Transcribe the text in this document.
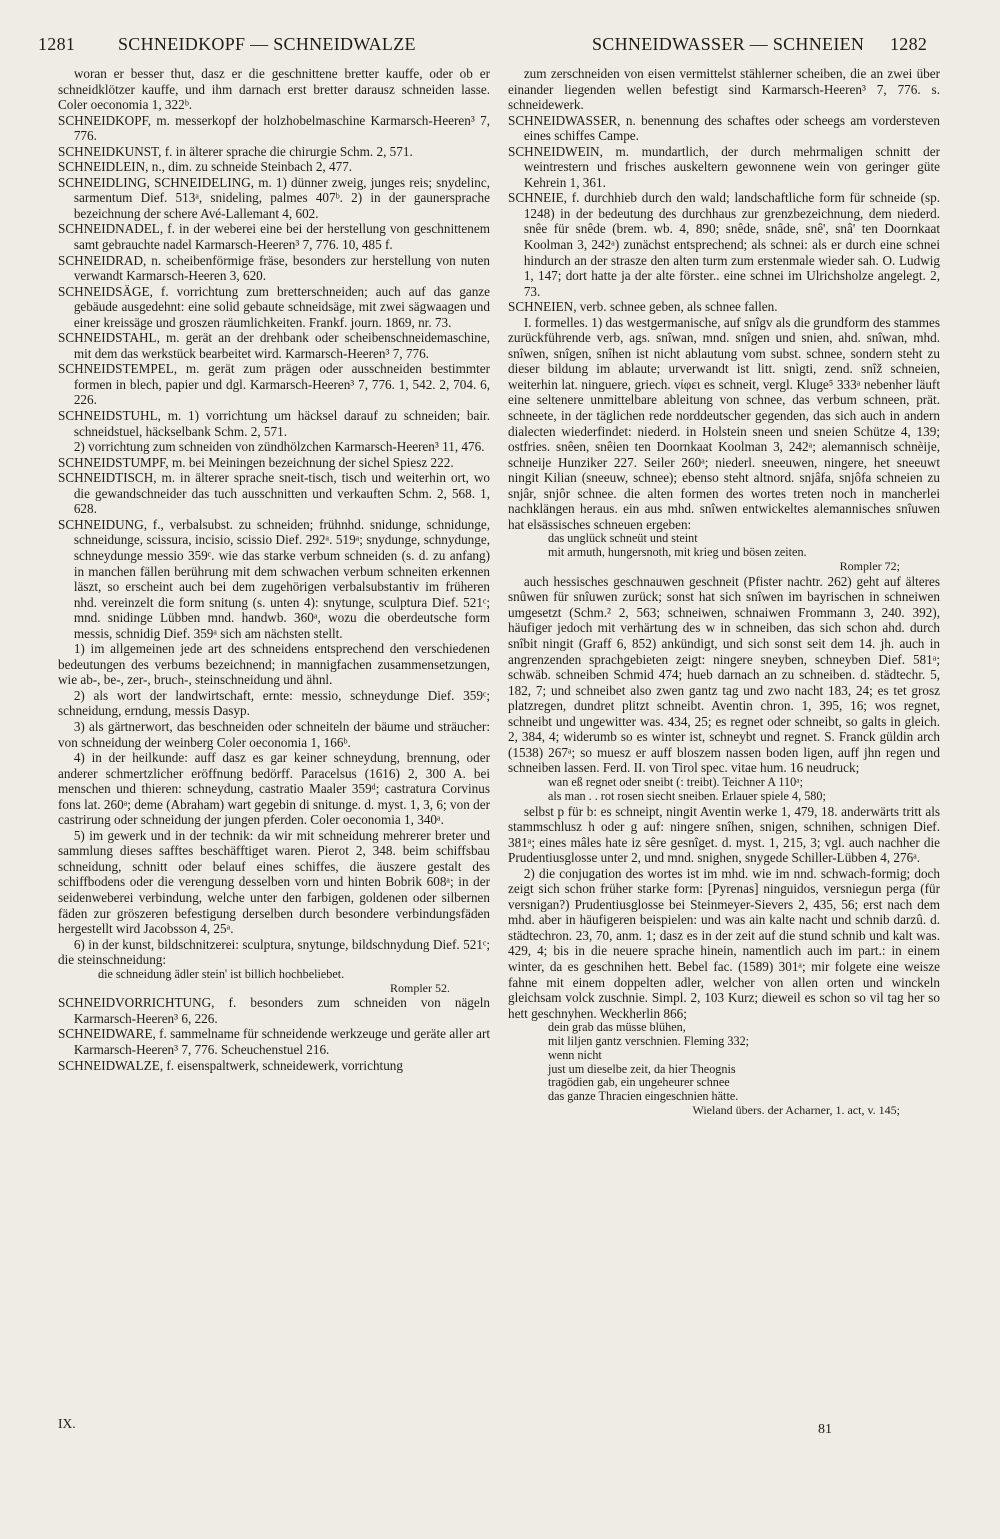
1281 SCHNEIDKOPF — SCHNEIDWALZE	SCHNEIDWASSER — SCHNEIEN 1282

woran er besser thut, dasz er die geschnittene bretter kauffe, oder ob er schneidklötzer kauffe, und ihm darnach erst bretter darausz schneiden lasse. Coler oeconomia 1, 322ᵇ.

SCHNEIDKOPF, m. messerkopf der holzhobelmaschine Karmarsch-Heeren³ 7, 776.

SCHNEIDKUNST, f. in älterer sprache die chirurgie Schm. 2, 571.

SCHNEIDLEIN, n., dim. zu schneide Steinbach 2, 477.

SCHNEIDLING, SCHNEIDELING, m. 1) dünner zweig, junges reis; snydelinc, sarmentum Dief. 513ᵃ, snideling, palmes 407ᵇ. 2) in der gaunersprache bezeichnung der schere Avé-Lallemant 4, 602.

SCHNEIDNADEL, f. in der weberei eine bei der herstellung von geschnittenem samt gebrauchte nadel Karmarsch-Heeren³ 7, 776. 10, 485 f.

SCHNEIDRAD, n. scheibenförmige fräse, besonders zur herstellung von nuten verwandt Karmarsch-Heeren 3, 620.

SCHNEIDSÄGE, f. vorrichtung zum bretterschneiden; auch auf das ganze gebäude ausgedehnt: eine solid gebaute schneidsäge, mit zwei sägwaagen und einer kreissäge und groszen räumlichkeiten. Frankf. journ. 1869, nr. 73.

SCHNEIDSTAHL, m. gerät an der drehbank oder scheibenschneidemaschine, mit dem das werkstück bearbeitet wird. Karmarsch-Heeren³ 7, 776.

SCHNEIDSTEMPEL, m. gerät zum prägen oder ausschneiden bestimmter formen in blech, papier und dgl. Karmarsch-Heeren³ 7, 776. 1, 542. 2, 704. 6, 226.

SCHNEIDSTUHL, m. 1) vorrichtung um häcksel darauf zu schneiden; bair. schneidstuel, häckselbank Schm. 2, 571.

2) vorrichtung zum schneiden von zündhölzchen Karmarsch-Heeren³ 11, 476.

SCHNEIDSTUMPF, m. bei Meiningen bezeichnung der sichel Spiesz 222.

SCHNEIDTISCH, m. in älterer sprache sneit-tisch, tisch und weiterhin ort, wo die gewandschneider das tuch ausschnitten und verkauften Schm. 2, 568. 1, 628.

SCHNEIDUNG, f., verbalsubst. zu schneiden; frühnhd. snidunge, schnidunge, schneidunge, scissura, incisio, scissio Dief. 292ᵃ. 519ᵃ; snydunge, schnydunge, schneydunge messio 359ᶜ. wie das starke verbum schneiden (s. d. zu anfang) in manchen fällen berührung mit dem schwachen verbum schneiten erkennen läszt, so erscheint auch bei dem zugehörigen verbalsubstantiv im früheren nhd. vereinzelt die form snitung (s. unten 4): snytunge, sculptura Dief. 521ᶜ; mnd. snidinge Lübben mnd. handwb. 360ᵃ, wozu die oberdeutsche form messis, schnidig Dief. 359ᵃ sich am nächsten stellt.

1) im allgemeinen jede art des schneidens entsprechend den verschiedenen bedeutungen des verbums bezeichnend; in mannigfachen zusammensetzungen, wie ab-, be-, zer-, bruch-, steinschneidung und ähnl.

2) als wort der landwirtschaft, ernte: messio, schneydunge Dief. 359ᶜ; schneidung, erndung, messis Dasyp.

3) als gärtnerwort, das beschneiden oder schneiteln der bäume und sträucher: von schneidung der weinberg Coler oeconomia 1, 166ᵇ.

4) in der heilkunde: auff dasz es gar keiner schneydung, brennung, oder anderer schmertzlicher eröffnung bedörff. Paracelsus (1616) 2, 300 A. bei menschen und thieren: schneydung, castratio Maaler 359ᵈ; castratura Corvinus fons lat. 260ᵃ; deme (Abraham) wart gegebin di snitunge. d. myst. 1, 3, 6; von der castrirung oder schneidung der jungen pferden. Coler oeconomia 1, 340ᵃ.

5) im gewerk und in der technik: da wir mit schneidung mehrerer breter und sammlung dieses safftes beschäfftiget waren. Pierot 2, 348. beim schiffsbau schneidung, schnitt oder belauf eines schiffes, die äuszere gestalt des schiffbodens oder die verengung desselben vorn und hinten Bobrik 608ᵃ; in der seidenweberei verbindung, welche unter den farbigen, goldenen oder silbernen fäden zur gröszeren befestigung derselben durch besondere verbindungsfäden hergestellt wird Jacobsson 4, 25ᵃ.

6) in der kunst, bildschnitzerei: sculptura, snytunge, bildschnydung Dief. 521ᶜ; die steinschneidung:

die schneidung ädler stein' ist billich hochbeliebet.

Rompler 52.

SCHNEIDVORRICHTUNG, f. besonders zum schneiden von nägeln Karmarsch-Heeren³ 6, 226.

SCHNEIDWARE, f. sammelname für schneidende werkzeuge und geräte aller art Karmarsch-Heeren³ 7, 776. Scheuchenstuel 216.

SCHNEIDWALZE, f. eisenspaltwerk, schneidewerk, vorrichtung

zum zerschneiden von eisen vermittelst stählerner scheiben, die an zwei über einander liegenden wellen befestigt sind Karmarsch-Heeren³ 7, 776. s. schneidewerk.

SCHNEIDWASSER, n. benennung des schaftes oder scheegs am vordersteven eines schiffes Campe.

SCHNEIDWEIN, m. mundartlich, der durch mehrmaligen schnitt der weintrestern und frisches auskeltern gewonnene wein von geringer güte Kehrein 1, 361.

SCHNEIE, f. durchhieb durch den wald; landschaftliche form für schneide (sp. 1248) in der bedeutung des durchhaus zur grenzbezeichnung, dem niederd. snêe für snêde (brem. wb. 4, 890; snêde, snâde, snê', snâ' ten Doornkaat Koolman 3, 242ᵃ) zunächst entsprechend; als schnei: als er durch eine schnei hindurch an der strasze den alten turm zum erstenmale wieder sah. O. Ludwig 1, 147; dort hatte ja der alte förster.. eine schnei im Ulrichsholze angelegt. 2, 73.

SCHNEIEN, verb. schnee geben, als schnee fallen.

I. formelles. 1) das westgermanische, auf snîgv als die grundform des stammes zurückführende verb, ags. snîwan, mnd. snîgen und snien, ahd. snîwan, mhd. snîwen, snîgen, snîhen ist nicht ablautung vom subst. schnee, sondern steht zu dieser bildung im ablaute; urverwandt ist litt. snìgti, zend. snîž schneien, weiterhin lat. ninguere, griech. νίφει es schneit, vergl. Kluge⁵ 333ᵃ nebenher läuft eine seltenere unmittelbare ableitung von schnee, das verbum schneen, prät. schneete, in der täglichen rede norddeutscher gegenden, das sich auch in andern dialecten wiederfindet: niederd. in Holstein sneen und sneien Schütze 4, 139; ostfries. snêen, snêien ten Doornkaat Koolman 3, 242ᵃ; alemannisch schnèije, schneije Hunziker 227. Seiler 260ᵃ; niederl. sneeuwen, ningere, het sneeuwt ningit Kilian (sneeuw, schnee); ebenso steht altnord. snjâfa, snjôfa schneien zu snjâr, snjôr schnee. die alten formen des wortes treten noch in mancherlei nachklängen heraus. ein aus mhd. snîwen entwickeltes alemannisches snîuwen hat elsässisches schneuen ergeben:

das unglück schneüt und steint

mit armuth, hungersnoth, mit krieg und bösen zeiten.

Rompler 72;

auch hessisches geschnauwen geschneit (Pfister nachtr. 262) geht auf älteres snûwen für snîuwen zurück; sonst hat sich snîwen im bayrischen in schneiwen umgesetzt (Schm.² 2, 563; schneiwen, schnaiwen Frommann 3, 240. 392), häufiger jedoch mit verhärtung des w in schneiben, das sich schon ahd. durch snîbit ningit (Graff 6, 852) ankündigt, und sich sonst seit dem 14. jh. auch in angrenzenden sprachgebieten zeigt: ningere sneyben, schneyben Dief. 581ᵃ; schwäb. schneiben Schmid 474; hueb darnach an zu schneiben. d. städtechr. 5, 182, 7; und schneibet also zwen gantz tag und zwo nacht 183, 24; es tet grosz platzregen, dundret plitzt schneibt. Aventin chron. 1, 395, 16; wos regnet, schneibt und ungewitter was. 434, 25; es regnet oder schneibt, so galts in gleich. 2, 384, 4; widerumb so es winter ist, schneybt und regnet. S. Franck güldin arch (1538) 267ᵃ; so muesz er auff bloszem nassen boden ligen, auff jhn regen und schneiben lassen. Ferd. II. von Tirol spec. vitae hum. 16 neudruck;

wan eß regnet oder sneibt (: treibt). Teichner A 110ᵃ;

als man . . rot rosen siecht sneiben. Erlauer spiele 4, 580;

selbst p für b: es schneipt, ningit Aventin werke 1, 479, 18. anderwärts tritt als stammschlusz h oder g auf: ningere snîhen, snigen, schnihen, schnigen Dief. 381ᵃ; eines mâles hate iz sêre gesnîget. d. myst. 1, 215, 3; vgl. auch nachher die Prudentiusglosse unter 2, und mnd. snighen, snygede Schiller-Lübben 4, 276ᵃ.

2) die conjugation des wortes ist im mhd. wie im nnd. schwach-formig; doch zeigt sich schon früher starke form: [Pyrenas] ninguidos, versniegun perga (für versnigan?) Prudentiusglosse bei Steinmeyer-Sievers 2, 435, 56; erst nach dem mhd. aber in häufigeren beispielen: und was ain kalte nacht und schnib darzû. d. städtechron. 23, 70, anm. 1; dasz es in der zeit auf die stund schnib und kalt was. 429, 4; bis in die neuere sprache hinein, namentlich auch im part.: in einem winter, da es geschnihen hett. Bebel fac. (1589) 301ᵃ; mir folgete eine weisze fahne mit einem doppelten adler, welcher von allen orten und winckeln gleichsam volck zuschnie. Simpl. 2, 103 Kurz; dieweil es schon so vil tag her so hett geschnyhen. Weckherlin 866;

dein grab das müsse blühen,

mit liljen gantz verschnien. Fleming 332;

wenn nicht

just um dieselbe zeit, da hier Theognis

tragödien gab, ein ungeheurer schnee

das ganze Thracien eingeschnien hätte.

Wieland übers. der Acharner, 1. act, v. 145;

IX.	81
